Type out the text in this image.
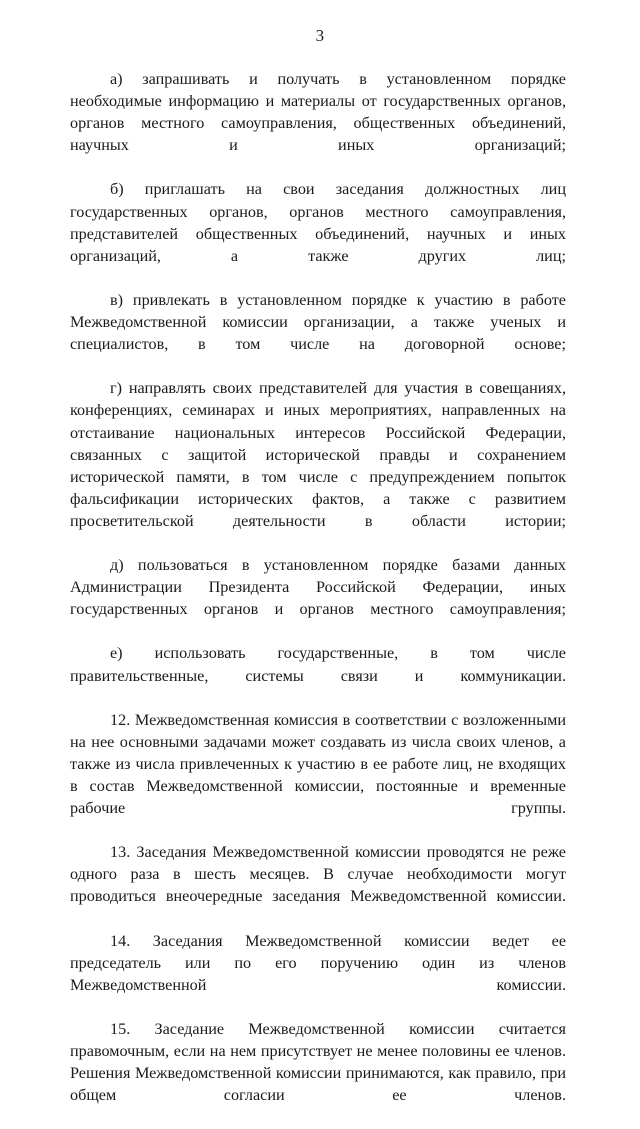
3

а) запрашивать и получать в установленном порядке необходимые информацию и материалы от государственных органов, органов местного самоуправления, общественных объединений, научных и иных организаций;

б) приглашать на свои заседания должностных лиц государственных органов, органов местного самоуправления, представителей общественных объединений, научных и иных организаций, а также других лиц;

в) привлекать в установленном порядке к участию в работе Межведомственной комиссии организации, а также ученых и специалистов, в том числе на договорной основе;

г) направлять своих представителей для участия в совещаниях, конференциях, семинарах и иных мероприятиях, направленных на отстаивание национальных интересов Российской Федерации, связанных с защитой исторической правды и сохранением исторической памяти, в том числе с предупреждением попыток фальсификации исторических фактов, а также с развитием просветительской деятельности в области истории;

д) пользоваться в установленном порядке базами данных Администрации Президента Российской Федерации, иных государственных органов и органов местного самоуправления;

е) использовать государственные, в том числе правительственные, системы связи и коммуникации.

12. Межведомственная комиссия в соответствии с возложенными на нее основными задачами может создавать из числа своих членов, а также из числа привлеченных к участию в ее работе лиц, не входящих в состав Межведомственной комиссии, постоянные и временные рабочие группы.

13. Заседания Межведомственной комиссии проводятся не реже одного раза в шесть месяцев. В случае необходимости могут проводиться внеочередные заседания Межведомственной комиссии.

14. Заседания Межведомственной комиссии ведет ее председатель или по его поручению один из членов Межведомственной комиссии.

15. Заседание Межведомственной комиссии считается правомочным, если на нем присутствует не менее половины ее членов. Решения Межведомственной комиссии принимаются, как правило, при общем согласии ее членов.
